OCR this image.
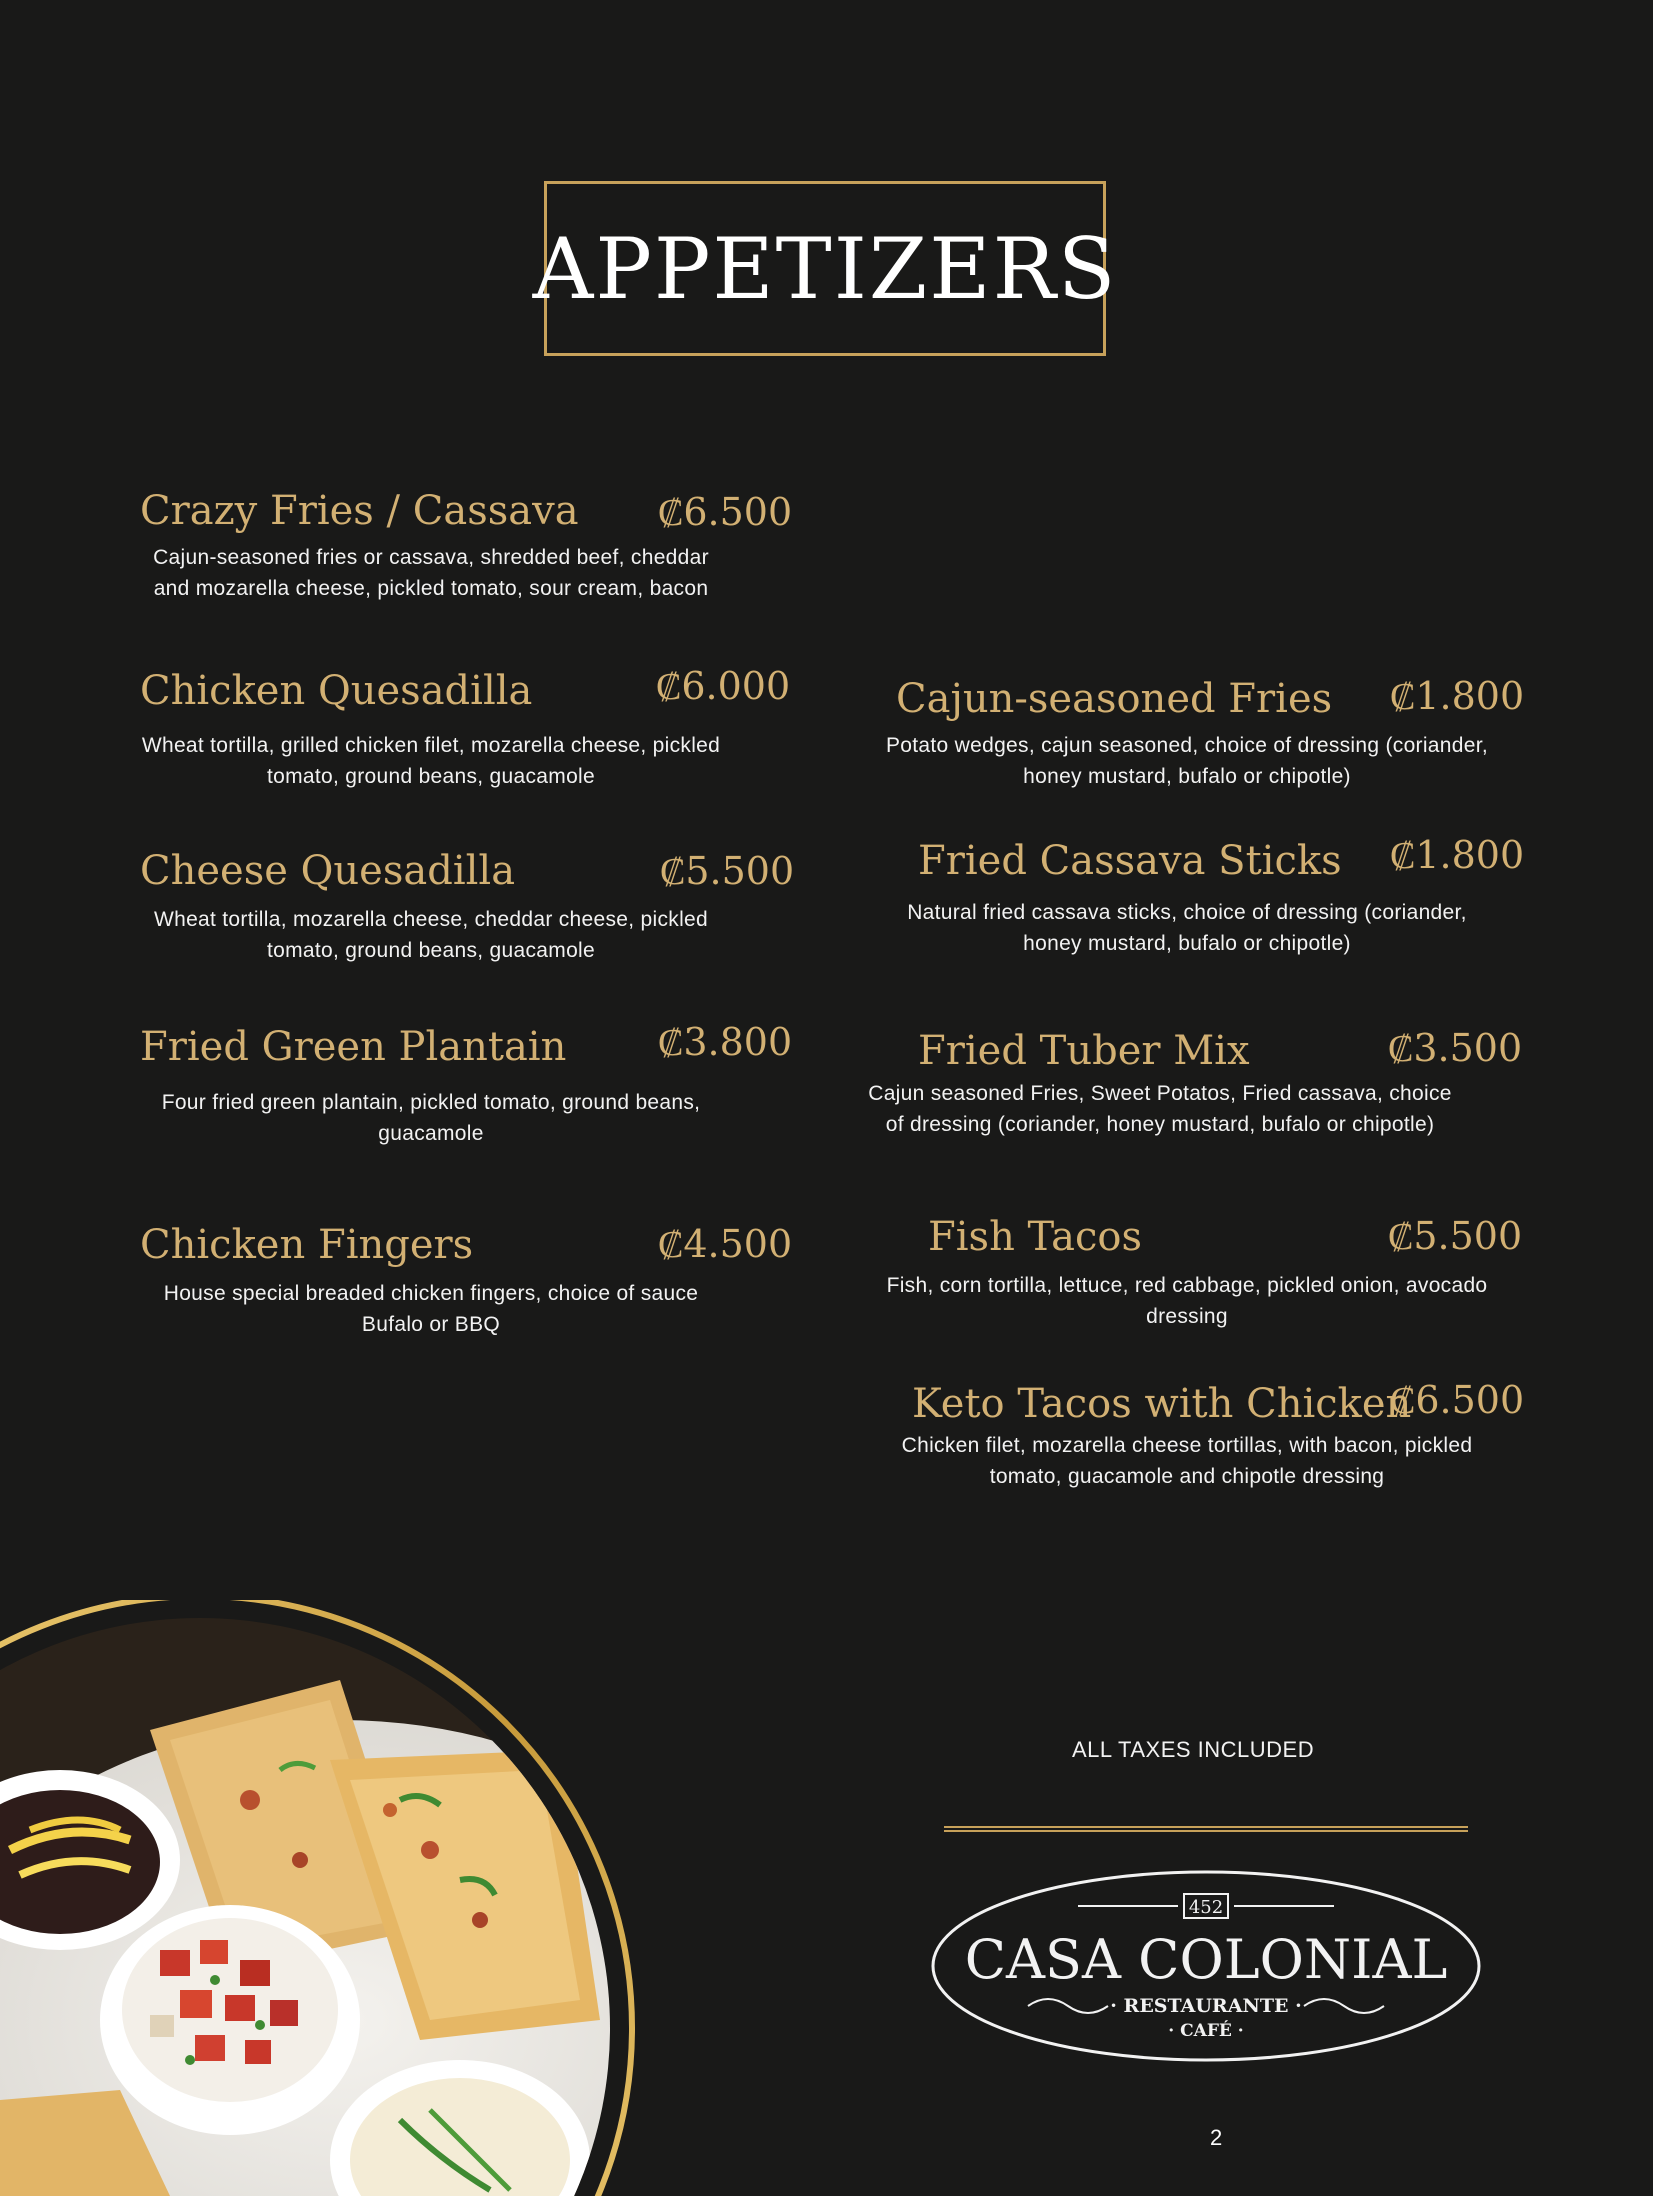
APPETIZERS
Crazy Fries / Cassava ₡6.500
Cajun-seasoned fries or cassava, shredded beef, cheddar and mozarella cheese, pickled tomato, sour cream, bacon
Chicken Quesadilla	₡6.000
Wheat tortilla, grilled chicken filet, mozarella cheese, pickled tomato, ground beans, guacamole
Cheese Quesadilla	₡5.500
Wheat tortilla, mozarella cheese, cheddar cheese, pickled tomato, ground beans, guacamole
Fried Green Plantain ₡3.800
Four fried green plantain, pickled tomato, ground beans, guacamole
Chicken Fingers	₡4.500
House special breaded chicken fingers, choice of sauce Bufalo or BBQ
Cajun-seasoned Fries ₡1.800
Potato wedges, cajun seasoned, choice of dressing (coriander, honey mustard, bufalo or chipotle)
Fried Cassava Sticks ₡1.800
Natural fried cassava sticks, choice of dressing (coriander, honey mustard, bufalo or chipotle)
Fried Tuber Mix	₡3.500
Cajun seasoned Fries, Sweet Potatos, Fried cassava, choice of dressing (coriander, honey mustard, bufalo or chipotle)
Fish Tacos	₡5.500
Fish, corn tortilla, lettuce, red cabbage, pickled onion, avocado dressing
Keto Tacos with Chicken
₡6.500
Chicken filet, mozarella cheese tortillas, with bacon, pickled tomato, guacamole and chipotle dressing
ALL TAXES INCLUDED
452
CASA COLONIAL
· RESTAURANTE ·
· CAFÉ ·
2
